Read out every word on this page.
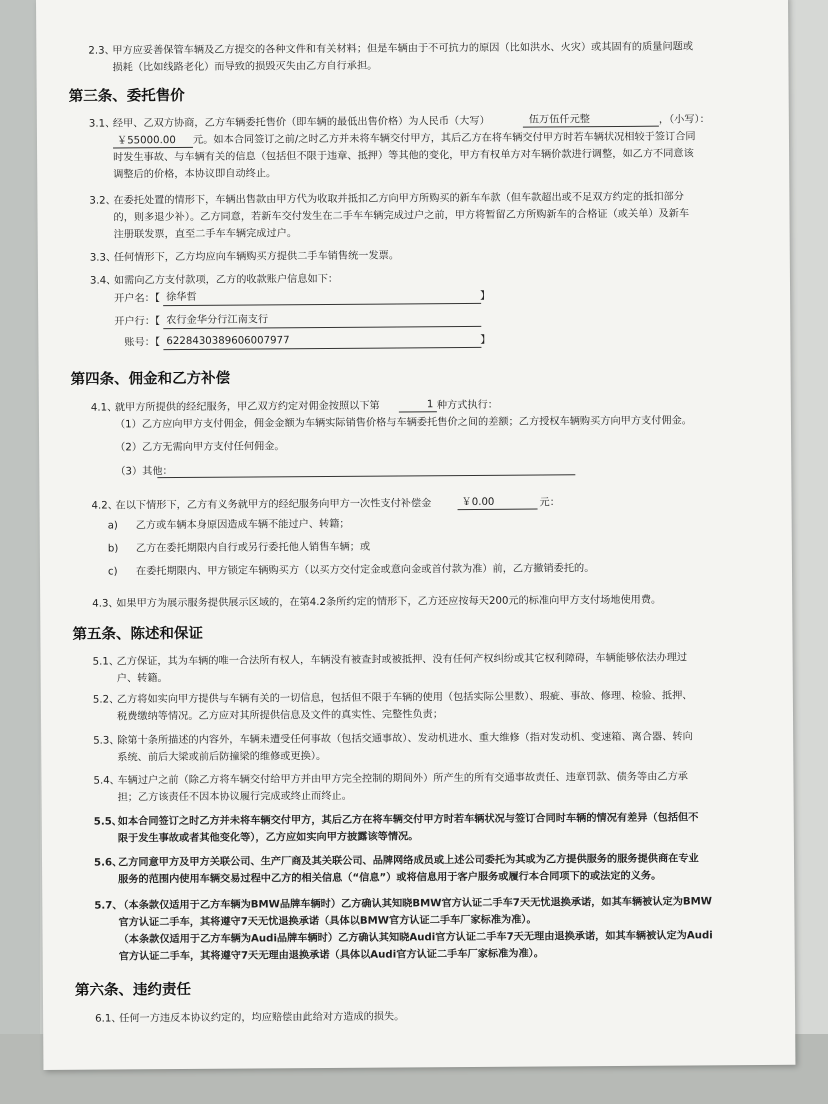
2.3、
甲方应妥善保管车辆及乙方提交的各种文件和有关材料；但是车辆由于不可抗力的原因（比如洪水、火灾）或其固有的质量问题或
损耗（比如线路老化）而导致的损毁灭失由乙方自行承担。
第三条、委托售价
3.1、
经甲、乙双方协商，乙方车辆委托售价（即车辆的最低出售价格）为人民币（大写）	伍万伍仟元整	，（小写）：
￥55000.00 元。如本合同签订之前/之时乙方并未将车辆交付甲方，其后乙方在将车辆交付甲方时若车辆状况相较于签订合同
时发生事故、与车辆有关的信息（包括但不限于违章、抵押）等其他的变化，甲方有权单方对车辆价款进行调整，如乙方不同意该
调整后的价格，本协议即自动终止。
3.2、
在委托处置的情形下，车辆出售款由甲方代为收取并抵扣乙方向甲方所购买的新车车款（但车款超出或不足双方约定的抵扣部分
的，则多退少补）。乙方同意，若新车交付发生在二手车车辆完成过户之前，甲方将暂留乙方所购新车的合格证（或关单）及新车
注册联发票，直至二手车车辆完成过户。
3.3、
任何情形下，乙方均应向车辆购买方提供二手车销售统一发票。
3.4、
如需向乙方支付款项，乙方的收款账户信息如下：
开户名：【 徐华哲	】
开户行：【 农行金华分行江南支行
账号：【 6228430389606007977	】
第四条、佣金和乙方补偿
4.1、
就甲方所提供的经纪服务，甲乙双方约定对佣金按照以下第	1 种方式执行：
（1）乙方应向甲方支付佣金，佣金金额为车辆实际销售价格与车辆委托售价之间的差额；乙方授权车辆购买方向甲方支付佣金。
（2）乙方无需向甲方支付任何佣金。
（3）其他：
4.2、
在以下情形下，乙方有义务就甲方的经纪服务向甲方一次性支付补偿金	￥0.00	元：
a) 乙方或车辆本身原因造成车辆不能过户、转籍；
b) 乙方在委托期限内自行或另行委托他人销售车辆；或
c) 在委托期限内、甲方锁定车辆购买方（以买方交付定金或意向金或首付款为准）前，乙方撤销委托的。
4.3、
如果甲方为展示服务提供展示区域的，在第4.2条所约定的情形下，乙方还应按每天200元的标准向甲方支付场地使用费。
第五条、陈述和保证
5.1、
乙方保证，其为车辆的唯一合法所有权人，车辆没有被查封或被抵押、没有任何产权纠纷或其它权利障碍，车辆能够依法办理过
户、转籍。
5.2、
乙方将如实向甲方提供与车辆有关的一切信息，包括但不限于车辆的使用（包括实际公里数）、瑕疵、事故、修理、检验、抵押、
税费缴纳等情况。乙方应对其所提供信息及文件的真实性、完整性负责；
5.3、
除第十条所描述的内容外，车辆未遭受任何事故（包括交通事故）、发动机进水、重大维修（指对发动机、变速箱、离合器、转向
系统、前后大梁或前后防撞梁的维修或更换）。
5.4、
车辆过户之前（除乙方将车辆交付给甲方并由甲方完全控制的期间外）所产生的所有交通事故责任、违章罚款、债务等由乙方承
担；乙方该责任不因本协议履行完成或终止而终止。
5.5、
如本合同签订之时乙方并未将车辆交付甲方，其后乙方在将车辆交付甲方时若车辆状况与签订合同时车辆的情况有差异（包括但不
限于发生事故或者其他变化等），乙方应如实向甲方披露该等情况。
5.6、
乙方同意甲方及甲方关联公司、生产厂商及其关联公司、品牌网络成员或上述公司委托为其或为乙方提供服务的服务提供商在专业
服务的范围内使用车辆交易过程中乙方的相关信息（“信息”）或将信息用于客户服务或履行本合同项下的或法定的义务。
5.7、
（本条款仅适用于乙方车辆为BMW品牌车辆时）乙方确认其知晓BMW官方认证二手车7天无忧退换承诺，如其车辆被认定为BMW
官方认证二手车，其将遵守7天无忧退换承诺（具体以BMW官方认证二手车厂家标准为准）。
（本条款仅适用于乙方车辆为Audi品牌车辆时）乙方确认其知晓Audi官方认证二手车7天无理由退换承诺，如其车辆被认定为Audi
官方认证二手车，其将遵守7天无理由退换承诺（具体以Audi官方认证二手车厂家标准为准）。
第六条、违约责任
6.1、
任何一方违反本协议约定的，均应赔偿由此给对方造成的损失。
